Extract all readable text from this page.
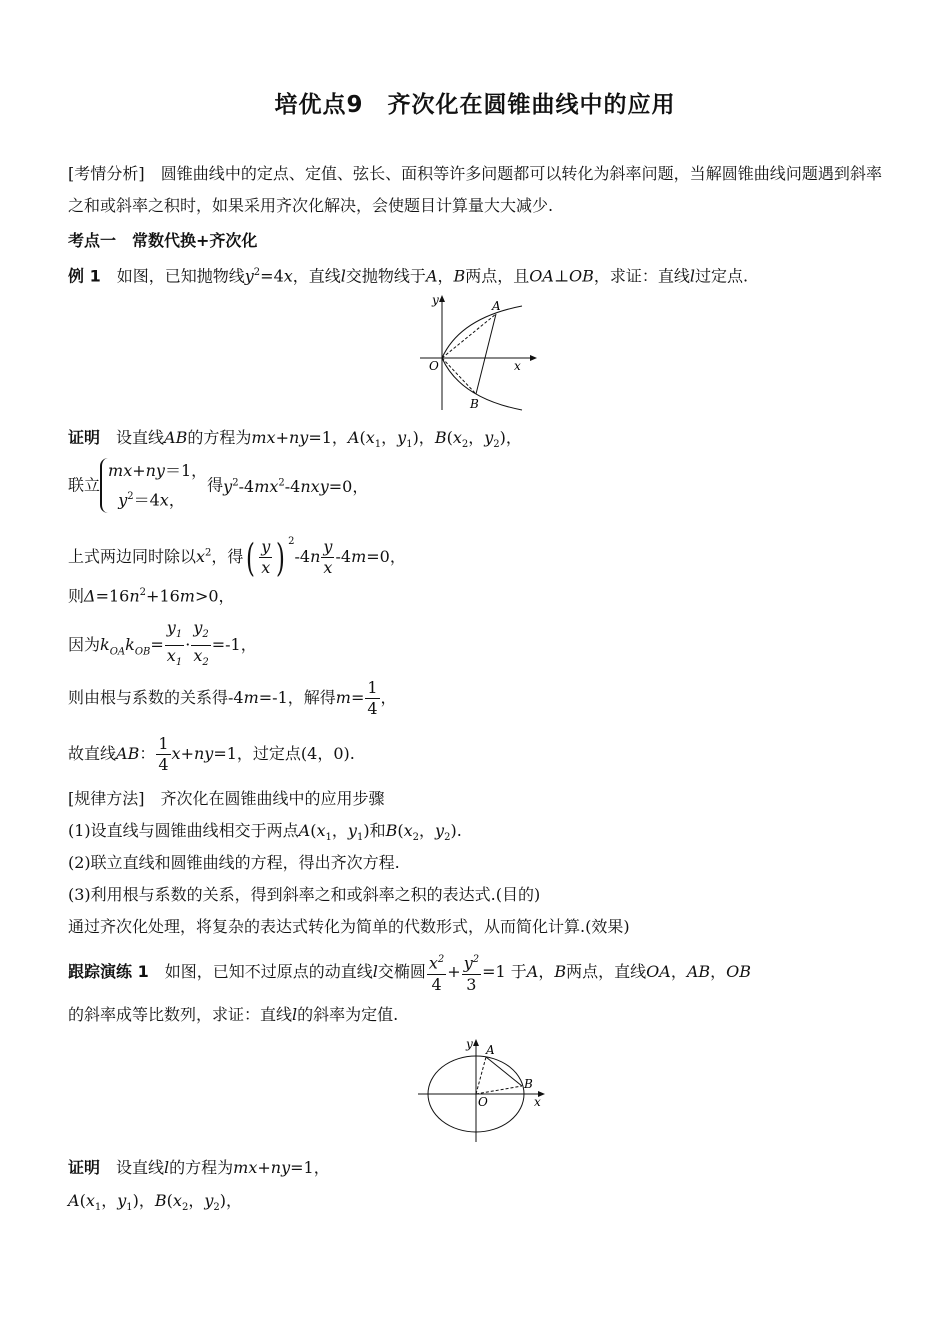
培优点9　齐次化在圆锥曲线中的应用
[考情分析]　圆锥曲线中的定点、定值、弦长、面积等许多问题都可以转化为斜率问题，当解圆锥曲线问题遇到斜率之和或斜率之积时，如果采用齐次化解决，会使题目计算量大大减少.
考点一　常数代换+齐次化
例 1　如图，已知抛物线$y^2=4x$，直线l交抛物线于A，B两点，且OA⊥OB，求证：直线l过定点.
y
x
O
A
B
证明　设直线AB的方程为mx+ny=1，$A(x_1$，$y_1$)，$B(x_2$，$y_2$)，
联立mx+ny＝1，
$y^2=4x$，得$y^2-4mx^2-4nxy=0$，
上式两边同时除以$x^2$，得( $\frac{y}{x}$ ) $^2-4n \frac{y}{x} -4m=0$，
则$\Delta=16n^2+16m>0$，
因为$k_{OA}k_{OB}= \frac{y_1}{x_1} \cdot \frac{y_2}{x_2} =-1$，
则由根与系数的关系得-4m=-1，解得$m= \frac{1}{4}$ ，
故直线AB： $\frac{1}{4} x+ny=1$，过定点(4，0).
[规律方法]　齐次化在圆锥曲线中的应用步骤
(1)设直线与圆锥曲线相交于两点$A(x_1$，$y_1$)和$B(x_2$，$y_2$).
(2)联立直线和圆锥曲线的方程，得出齐次方程.
(3)利用根与系数的关系，得到斜率之和或斜率之积的表达式.(目的)
通过齐次化处理，将复杂的表达式转化为简单的代数形式，从而简化计算.(效果)
跟踪演练 1　如图，已知不过原点的动直线l交椭圆 $\frac{x^2}{4} + \frac{y^2}{3} =1$ 于A，B两点，直线OA，AB，OB
的斜率成等比数列，求证：直线l的斜率为定值.
y
x
O
A
B
证明　设直线l的方程为mx+ny=1，
$A(x_1$，$y_1$)，$B(x_2$，$y_2$)，
